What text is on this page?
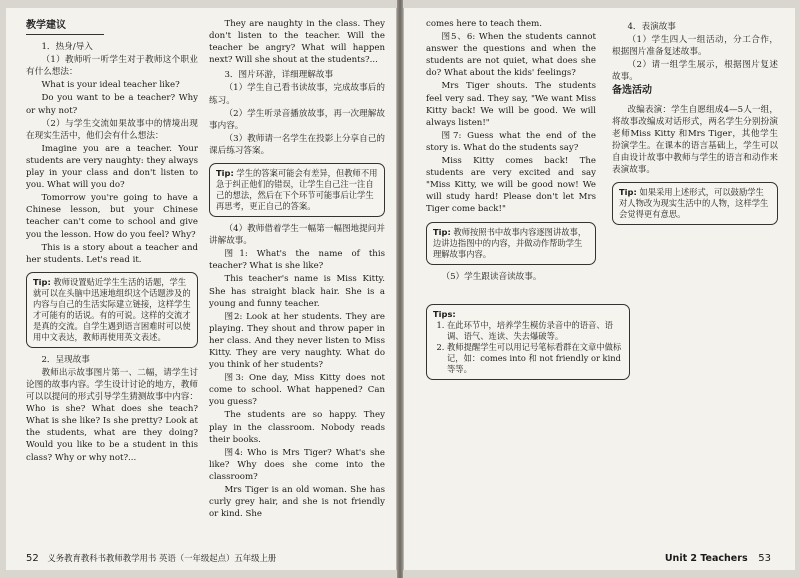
教学建议

1．热身/导入

（1）教师听一听学生对于教师这个职业有什么想法：

What is your ideal teacher like?

Do you want to be a teacher? Why or why not?

（2）与学生交流如果故事中的情境出现在现实生活中，他们会有什么想法：

Imagine you are a teacher. Your students are very naughty: they always play in your class and don't listen to you. What will you do?

Tomorrow you're going to have a Chinese lesson, but your Chinese teacher can't come to school and give you the lesson. How do you feel? Why?

This is a story about a teacher and her students. Let's read it.

Tip: 教师设置贴近学生生活的话题，学生就可以在头脑中迅速地组织这个话题涉及的内容与自己的生活实际建立链接，这样学生才可能有的话说。有的可说。这样的交流才是真的交流。自学生遇到语言困难时可以使用中文表达，教师再使用英文表述。

2．呈现故事

教师出示故事图片第一、二幅，请学生讨论图的故事内容。学生设计讨论的地方，教师可以以提问的形式引导学生猜测故事中内容：Who is she? What does she teach? What is she like? Is she pretty? Look at the students, what are they doing? Would you like to be a student in this class? Why or why not?...

They are naughty in the class. They don't listen to the teacher. Will the teacher be angry? What will happen next? Will she shout at the students?...

3．图片环游，详细理解故事

（1）学生自己看书读故事，完成故事后的练习。

（2）学生听录音播放故事，再一次理解故事内容。

（3）教师请一名学生在投影上分享自己的课后练习答案。

Tip: 学生的答案可能会有差异，但教师不用急于纠正他们的错误，让学生自己注一注自己的想法，然后在下个环节可能事后让学生再思考，更正自己的答案。

（4）教师借着学生一幅第一幅图地提问并讲解故事。

图1: What's the name of this teacher? What is she like?

This teacher's name is Miss Kitty. She has straight black hair. She is a young and funny teacher.

图2: Look at her students. They are playing. They shout and throw paper in her class. And they never listen to Miss Kitty. They are very naughty. What do you think of her students?

图3: One day, Miss Kitty does not come to school. What happened? Can you guess?

The students are so happy. They play in the classroom. Nobody reads their books.

图4: Who is Mrs Tiger? What's she like? Why does she come into the classroom?

Mrs Tiger is an old woman. She has curly grey hair, and she is not friendly or kind. She

52 义务教育教科书教师教学用书 英语（一年级起点）五年级上册

comes here to teach them.

图5、6: When the students cannot answer the questions and when the students are not quiet, what does she do? What about the kids' feelings?

Mrs Tiger shouts. The students feel very sad. They say, "We want Miss Kitty back! We will be good. We will always listen!"

图7: Guess what the end of the story is. What do the students say?

Miss Kitty comes back! The students are very excited and say "Miss Kitty, we will be good now! We will study hard! Please don't let Mrs Tiger come back!"

Tip: 教师按照书中故事内容逐图讲故事，边讲边指图中的内容，并做动作帮助学生理解故事内容。

（5）学生跟读音读故事。

4．表演故事

（1）学生四人一组活动，分工合作，根据图片准备复述故事。

（2）请一组学生展示，根据图片复述故事。

备选活动

改编表演：学生自愿组成4—5人一组，将故事改编成对话形式，两名学生分别扮演老师Miss Kitty 和Mrs Tiger，其他学生扮演学生。在课本的语言基础上，学生可以自由设计故事中教师与学生的语言和动作来表演故事。

Tip: 如果采用上述形式，可以鼓励学生对人物改为现实生活中的人物，这样学生会觉得更有意思。
Tips:
1. 在此环节中，培养学生模仿录音中的语音、语调、语气、连读、失去爆破等。
2. 教师提醒学生可以用记号笔标看群在文章中做标记，如：comes into 和 not friendly or kind 等等。
Unit 2 Teachers 53
